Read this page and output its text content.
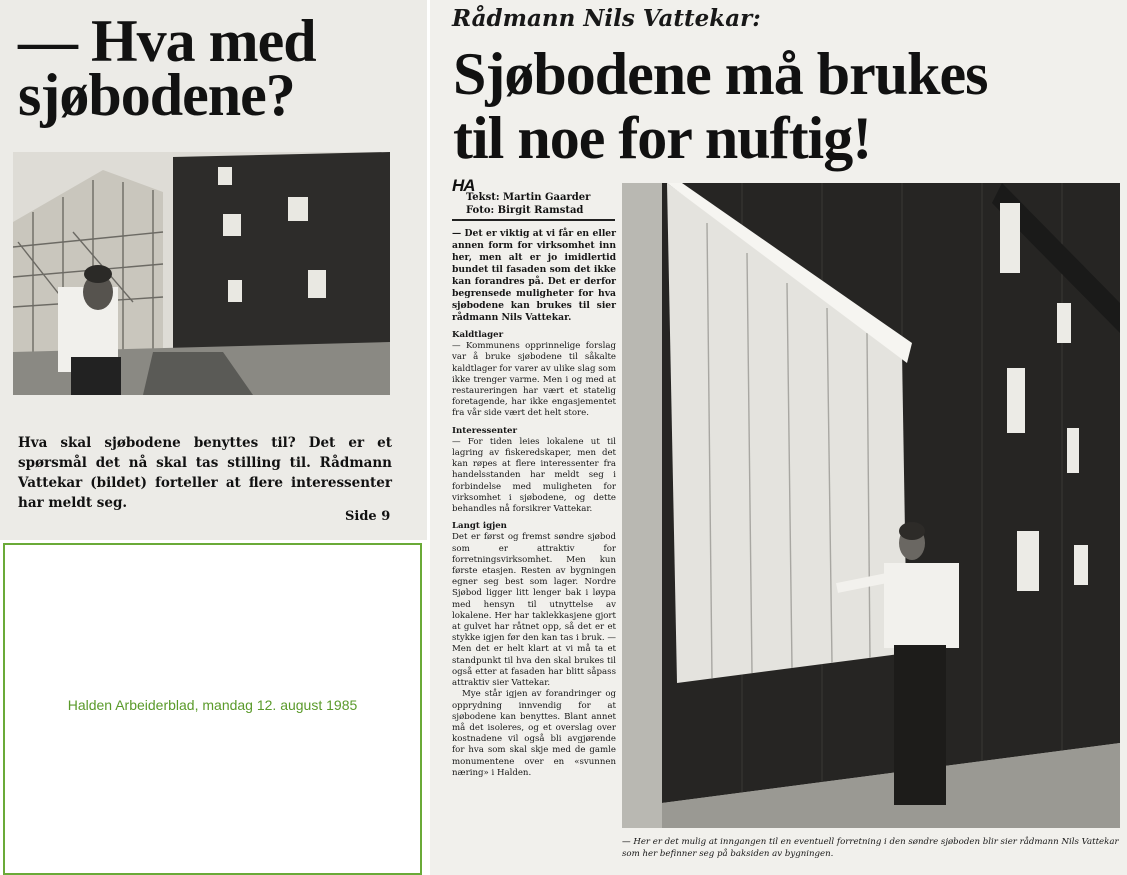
— Hva med
sjøbodene?
Hva skal sjøbodene benyttes til? Det er et spørsmål det nå skal tas stilling til. Rådmann Vattekar (bildet) forteller at flere interessenter har meldt seg.
Side 9
Halden Arbeiderblad, mandag 12. august 1985
Rådmann Nils Vattekar:
Sjøbodene må brukes
til noe for nuftig!
HA
Tekst: Martin Gaarder
Foto: Birgit Ramstad

— Det er viktig at vi får en eller annen form for virksomhet inn her, men alt er jo imidlertid bundet til fasaden som det ikke kan forandres på. Det er derfor begrensede muligheter for hva sjøbodene kan brukes til sier rådmann Nils Vattekar.

Kaldtlager

— Kommunens opprinnelige forslag var å bruke sjøbodene til såkalte kaldtlager for varer av ulike slag som ikke trenger varme. Men i og med at restaureringen har vært et statelig foretagende, har ikke engasjementet fra vår side vært det helt store.

Interessenter

— For tiden leies lokalene ut til lagring av fiskeredskaper, men det kan røpes at flere interessenter fra handelsstanden har meldt seg i forbindelse med muligheten for virksomhet i sjøbodene, og dette behandles nå forsikrer Vattekar.

Langt igjen

Det er først og fremst søndre sjøbod som er attraktiv for forretningsvirksomhet. Men kun første etasjen. Resten av bygningen egner seg best som lager. Nordre Sjøbod ligger litt lenger bak i løypa med hensyn til utnyttelse av lokalene. Her har taklekkasjene gjort at gulvet har råtnet opp, så det er et stykke igjen før den kan tas i bruk. — Men det er helt klart at vi må ta et standpunkt til hva den skal brukes til også etter at fasaden har blitt såpass attraktiv sier Vattekar.

Mye står igjen av forandringer og opprydning innvendig for at sjøbodene kan benyttes. Blant annet må det isoleres, og et overslag over kostnadene vil også bli avgjørende for hva som skal skje med de gamle monumentene over en «svunnen næring» i Halden.

— Her er det mulig at inngangen til en eventuell forretning i den søndre sjøboden blir sier rådmann Nils Vattekar som her befinner seg på baksiden av bygningen.
